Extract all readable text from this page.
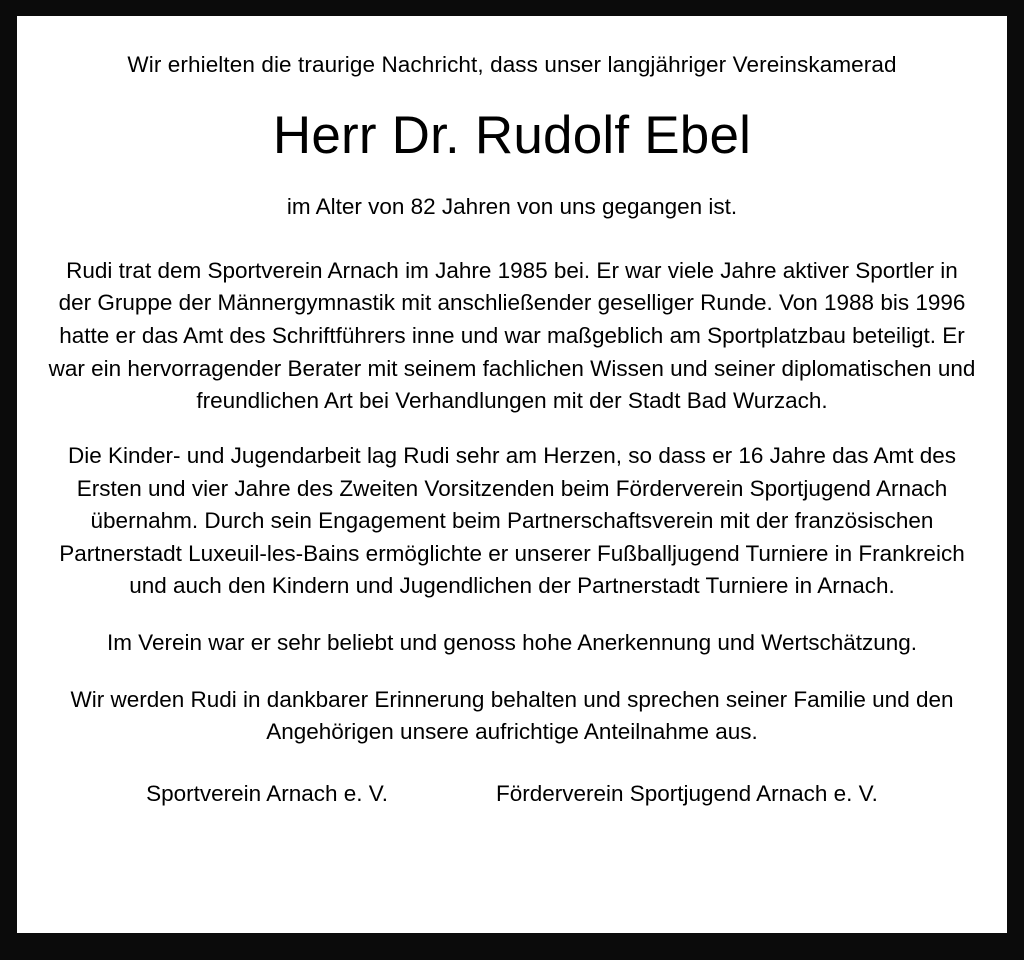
Wir erhielten die traurige Nachricht, dass unser langjähriger Vereinskamerad

Herr Dr. Rudolf Ebel

im Alter von 82 Jahren von uns gegangen ist.

Rudi trat dem Sportverein Arnach im Jahre 1985 bei. Er war viele Jahre aktiver Sportler in der Gruppe der Männergymnastik mit anschließender geselliger Runde. Von 1988 bis 1996 hatte er das Amt des Schriftführers inne und war maßgeblich am Sportplatzbau beteiligt. Er war ein hervorragender Berater mit seinem fachlichen Wissen und seiner diplomatischen und freundlichen Art bei Verhandlungen mit der Stadt Bad Wurzach.

Die Kinder- und Jugendarbeit lag Rudi sehr am Herzen, so dass er 16 Jahre das Amt des Ersten und vier Jahre des Zweiten Vorsitzenden beim Förderverein Sportjugend Arnach übernahm. Durch sein Engagement beim Partnerschaftsverein mit der französischen Partnerstadt Luxeuil-les-Bains ermöglichte er unserer Fußballjugend Turniere in Frankreich und auch den Kindern und Jugendlichen der Partnerstadt Turniere in Arnach.

Im Verein war er sehr beliebt und genoss hohe Anerkennung und Wertschätzung.

Wir werden Rudi in dankbarer Erinnerung behalten und sprechen seiner Familie und den Angehörigen unsere aufrichtige Anteilnahme aus.

Sportverein Arnach e. V.	Förderverein Sportjugend Arnach e. V.
